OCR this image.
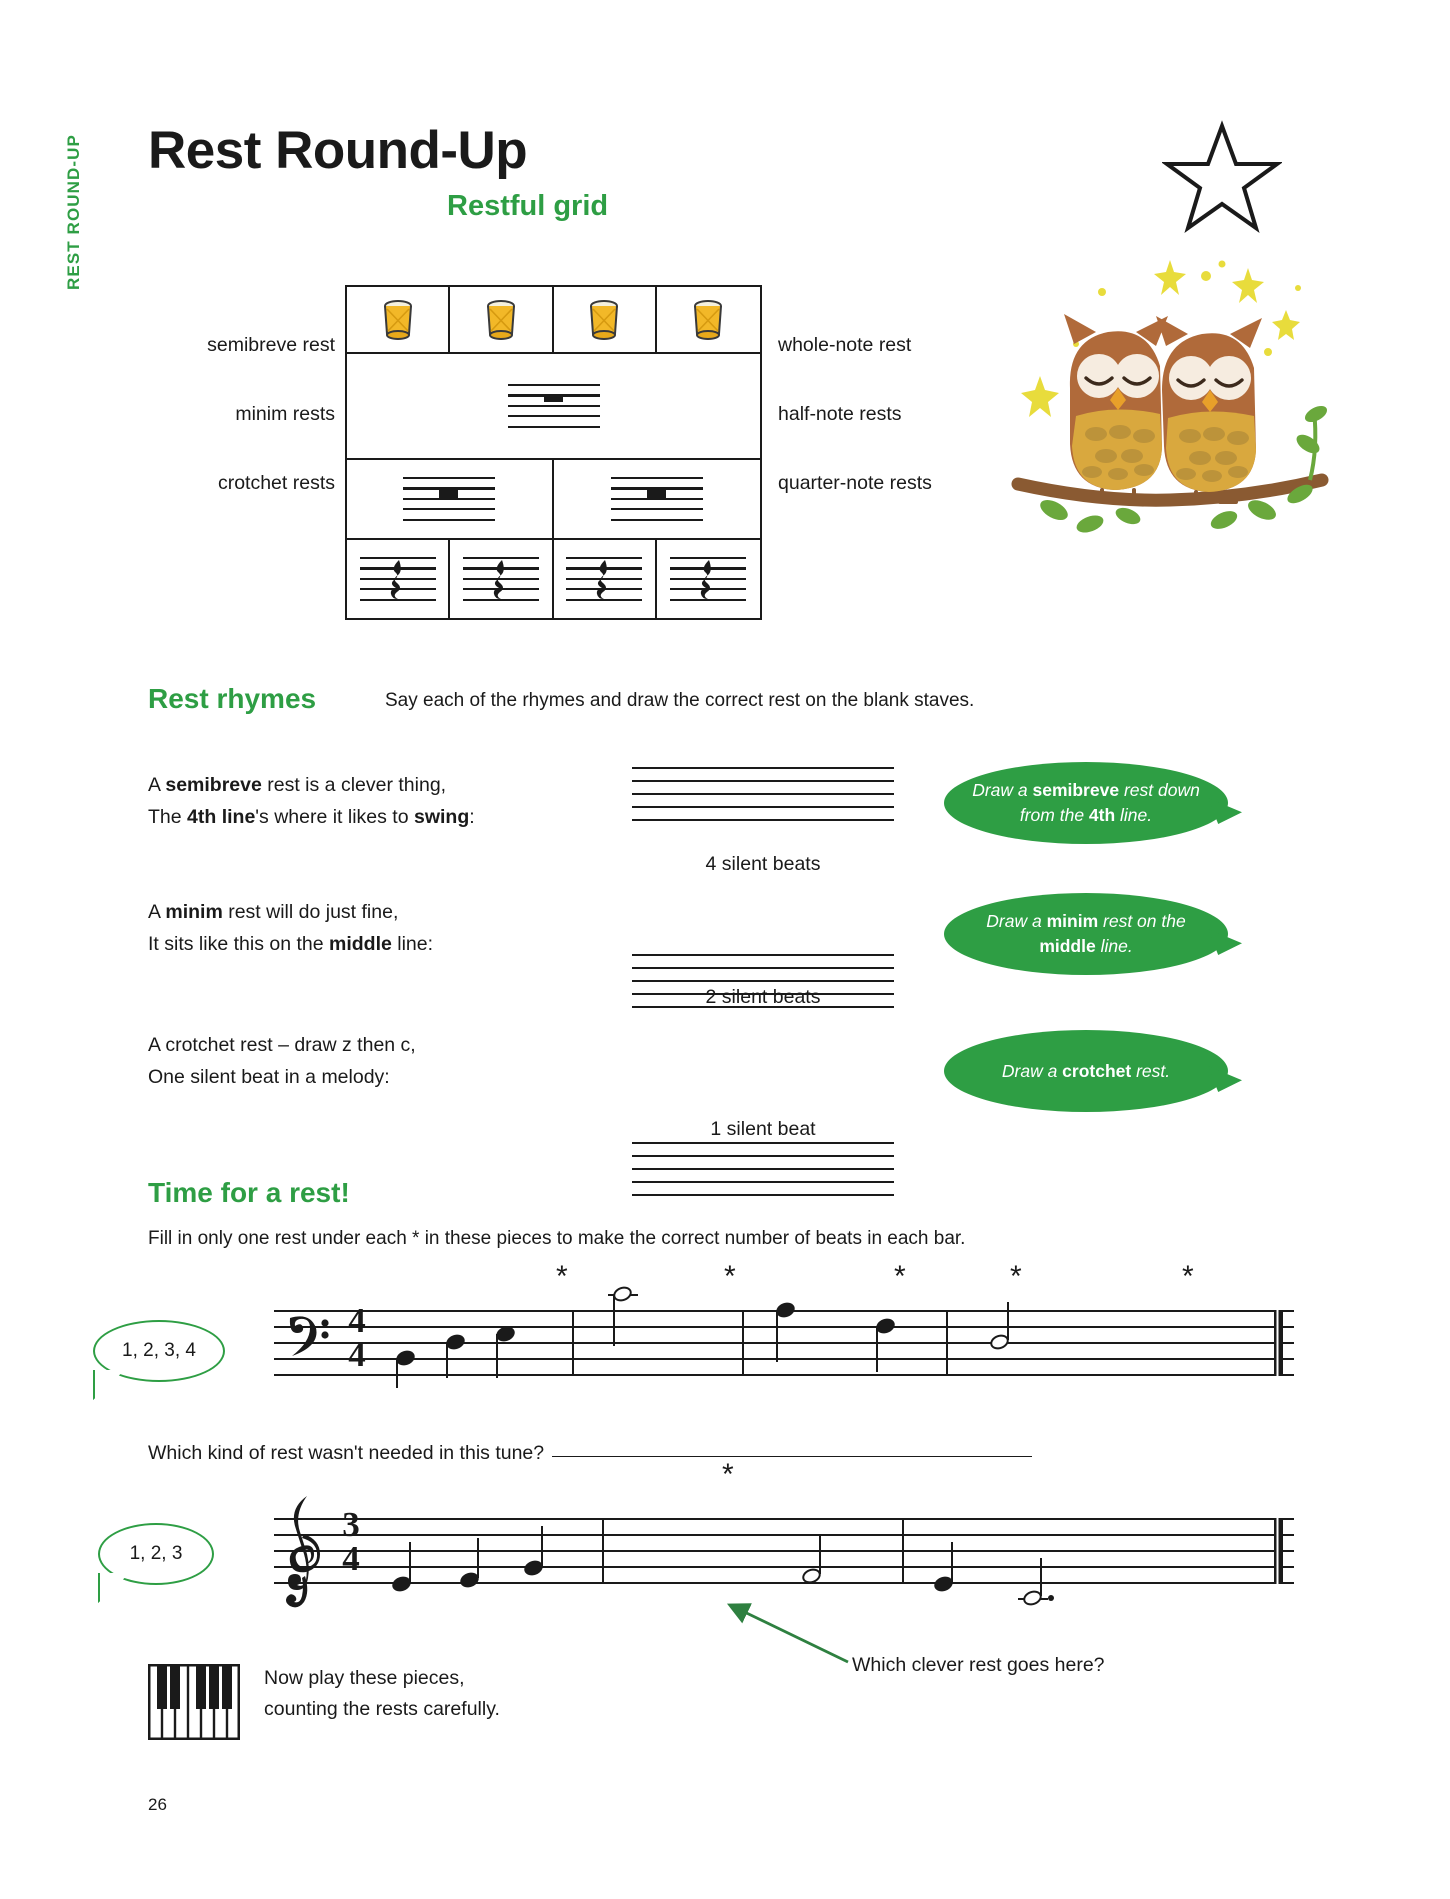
REST ROUND-UP Rest Round-Up
Restful grid
semibreve rest
minim rests
crotchet rests
whole-note rest
half-note rests
quarter-note rests
Rest rhymes	Say each of the rhymes and draw the correct rest on the blank staves.
A semibreve rest is a clever thing,
The 4th line's where it likes to swing:
4 silent beats
Draw a semibreve rest down from the 4th line.
A minim rest will do just fine,
It sits like this on the middle line:
2 silent beats
Draw a minim rest on the middle line.
A crotchet rest – draw z then c,
One silent beat in a melody:
1 silent beat
Draw a crotchet rest.
Time for a rest!
Fill in only one rest under each * in these pieces to make the correct number of beats in each bar.
*	*	*	*	*
1, 2, 3, 4
4
4
Which kind of rest wasn't needed in this tune?
*
1, 2, 3
3
4
Which clever rest goes here?
Now play these pieces,
counting the rests carefully.
26
